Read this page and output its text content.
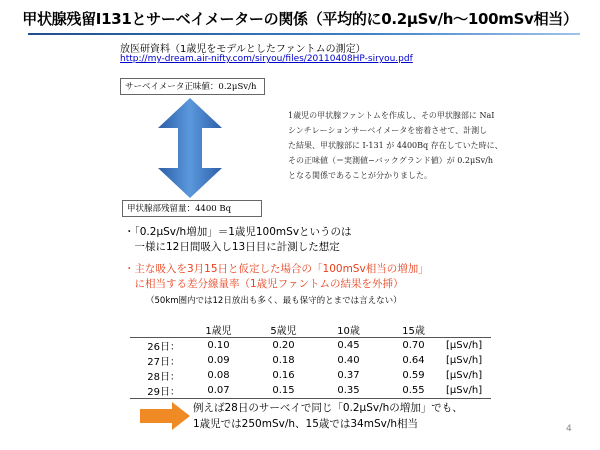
甲状腺残留I131とサーベイメーターの関係（平均的に0.2μSv/h～100mSv相当）
放医研資料（1歳児をモデルとしたファントムの測定）
http://my-dream.air-nifty.com/siryou/files/20110408HP-siryou.pdf
サーベイメータ正味値：0.2μSv/h
甲状腺部残留量：4400 Bq
1歳児の甲状腺ファントムを作成し、その甲状腺部に NaI
シンチレーションサーベイメータを密着させて、計測し
た結果、甲状腺部に I-131 が 4400Bq 存在していた時に、
その正味値（＝実測値−バックグランド値）が 0.2μSv/h
となる関係であることが分かりました。
・「0.2μSv/h増加」＝1歳児100mSvというのは
　一様に12日間吸入し13日目に計測した想定
・主な吸入を3月15日と仮定した場合の「100mSv相当の増加」
　に相当する差分線量率（1歳児ファントムの結果を外挿）
（50km圏内では12日放出も多く、最も保守的とまでは言えない）
	1歳児	5歳児	10歳	15歳	
26日：	0.10	0.20	0.45	0.70	[μSv/h]
27日：	0.09	0.18	0.40	0.64	[μSv/h]
28日：	0.08	0.16	0.37	0.59	[μSv/h]
29日：	0.07	0.15	0.35	0.55	[μSv/h]
例えば28日のサーベイで同じ「0.2μSv/hの増加」でも、
1歳児では250mSv/h、15歳では34mSv/h相当	4
